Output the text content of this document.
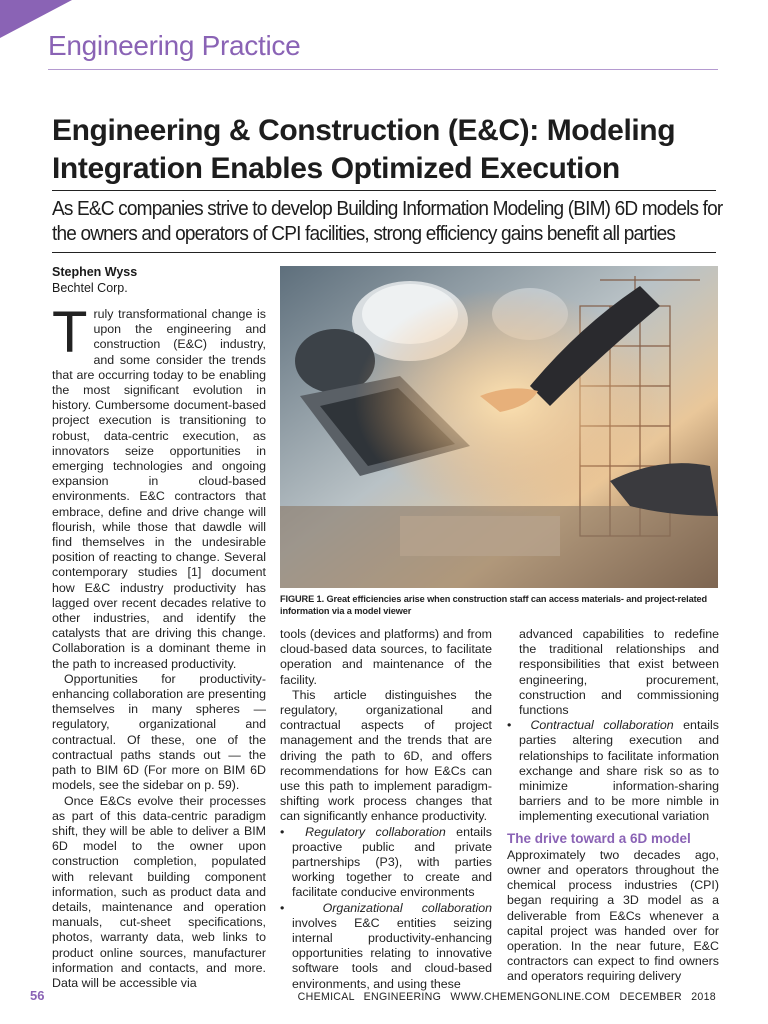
Engineering Practice
Engineering & Construction (E&C): Modeling Integration Enables Optimized Execution
As E&C companies strive to develop Building Information Modeling (BIM) 6D models for the owners and operators of CPI facilities, strong efficiency gains benefit all parties
Stephen Wyss
Bechtel Corp.

Truly transformational change is upon the engineering and construction (E&C) industry, and some consider the trends that are occurring today to be enabling the most significant evolution in history. Cumbersome document-based project execution is transitioning to robust, data-centric execution, as innovators seize opportunities in emerging technologies and ongoing expansion in cloud-based environments. E&C contractors that embrace, define and drive change will flourish, while those that dawdle will find themselves in the undesirable position of reacting to change. Several contemporary studies [1] document how E&C industry productivity has lagged over recent decades relative to other industries, and identify the catalysts that are driving this change. Collaboration is a dominant theme in the path to increased productivity.

Opportunities for productivity-enhancing collaboration are presenting themselves in many spheres — regulatory, organizational and contractual. Of these, one of the contractual paths stands out — the path to BIM 6D (For more on BIM 6D models, see the sidebar on p. 59).

Once E&Cs evolve their processes as part of this data-centric paradigm shift, they will be able to deliver a BIM 6D model to the owner upon construction completion, populated with relevant building component information, such as product data and details, maintenance and operation manuals, cut-sheet specifications, photos, warranty data, web links to product online sources, manufacturer information and contacts, and more. Data will be accessible via

FIGURE 1. Great efficiencies arise when construction staff can access materials- and project-related information via a model viewer

tools (devices and platforms) and from cloud-based data sources, to facilitate operation and maintenance of the facility.

This article distinguishes the regulatory, organizational and contractual aspects of project management and the trends that are driving the path to 6D, and offers recommendations for how E&Cs can use this path to implement paradigm-shifting work process changes that can significantly enhance productivity.

•  Regulatory collaboration entails proactive public and private partnerships (P3), with parties working together to create and facilitate conducive environments

•  Organizational collaboration involves E&C entities seizing internal productivity-enhancing opportunities relating to innovative software tools and cloud-based environments, and using these

advanced capabilities to redefine the traditional relationships and responsibilities that exist between engineering, procurement, construction and commissioning functions

•  Contractual collaboration entails parties altering execution and relationships to facilitate information exchange and share risk so as to minimize information-sharing barriers and to be more nimble in implementing executional variation

The drive toward a 6D model

Approximately two decades ago, owner and operators throughout the chemical process industries (CPI) began requiring a 3D model as a deliverable from E&Cs whenever a capital project was handed over for operation. In the near future, E&C contractors can expect to find owners and operators requiring delivery

56	CHEMICAL ENGINEERING WWW.CHEMENGONLINE.COM DECEMBER 2018
